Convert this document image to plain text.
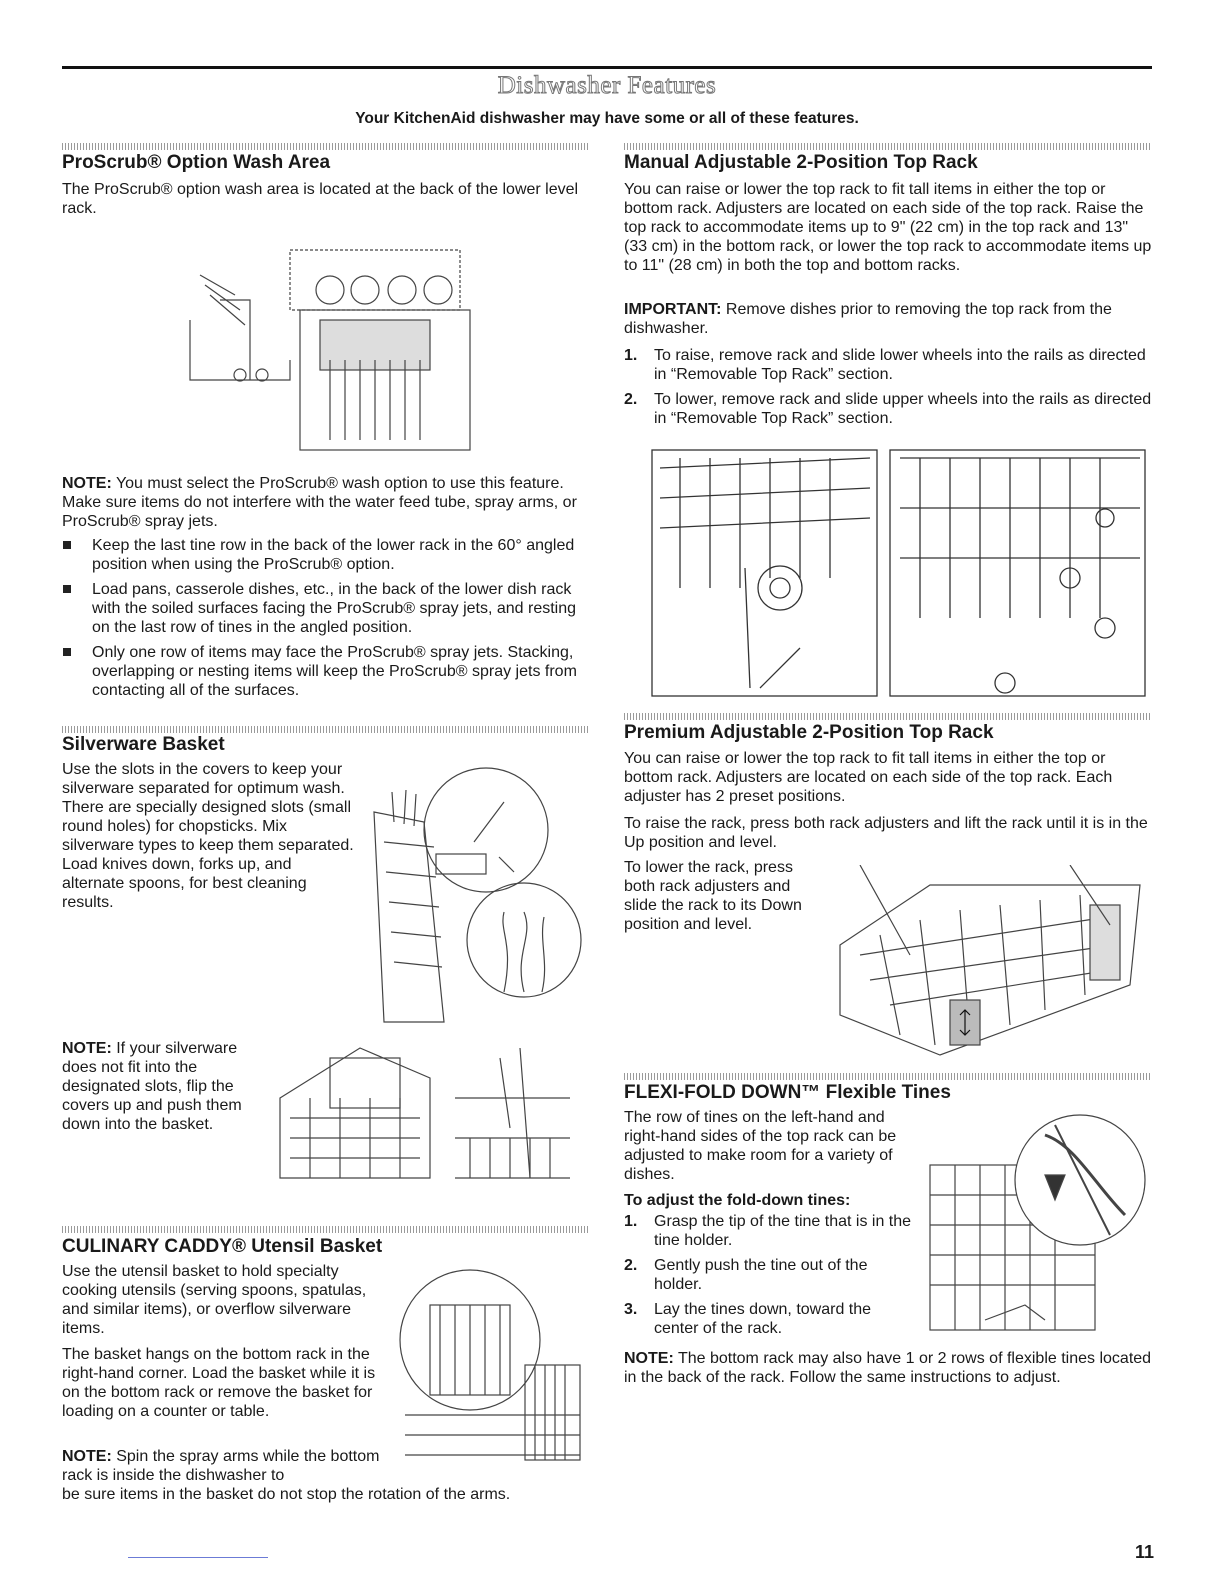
Dishwasher Features
Your KitchenAid dishwasher may have some or all of these features.
ProScrub® Option Wash Area

The ProScrub® option wash area is located at the back of the lower level rack.

NOTE: You must select the ProScrub® wash option to use this feature. Make sure items do not interfere with the water feed tube, spray arms, or ProScrub® spray jets.

Keep the last tine row in the back of the lower rack in the 60° angled position when using the ProScrub® option.
Load pans, casserole dishes, etc., in the back of the lower dish rack with the soiled surfaces facing the ProScrub® spray jets, and resting on the last row of tines in the angled position.
Only one row of items may face the ProScrub® spray jets. Stacking, overlapping or nesting items will keep the ProScrub® spray jets from contacting all of the surfaces.
Silverware Basket

Use the slots in the covers to keep your silverware separated for optimum wash. There are specially designed slots (small round holes) for chopsticks. Mix silverware types to keep them separated. Load knives down, forks up, and alternate spoons, for best cleaning results.

NOTE: If your silverware does not fit into the designated slots, flip the covers up and push them down into the basket.

CULINARY CADDY® Utensil Basket

Use the utensil basket to hold specialty cooking utensils (serving spoons, spatulas, and similar items), or overflow silverware items.

The basket hangs on the bottom rack in the right-hand corner. Load the basket while it is on the bottom rack or remove the basket for loading on a counter or table.

NOTE: Spin the spray arms while the bottom rack is inside the dishwasher to

be sure items in the basket do not stop the rotation of the arms.

Manual Adjustable 2-Position Top Rack

You can raise or lower the top rack to fit tall items in either the top or bottom rack. Adjusters are located on each side of the top rack. Raise the top rack to accommodate items up to 9" (22 cm) in the top rack and 13" (33 cm) in the bottom rack, or lower the top rack to accommodate items up to 11" (28 cm) in both the top and bottom racks.

IMPORTANT: Remove dishes prior to removing the top rack from the dishwasher.

1. To raise, remove rack and slide lower wheels into the rails as directed in “Removable Top Rack” section.
2. To lower, remove rack and slide upper wheels into the rails as directed in “Removable Top Rack” section.
Premium Adjustable 2-Position Top Rack

You can raise or lower the top rack to fit tall items in either the top or bottom rack. Adjusters are located on each side of the top rack. Each adjuster has 2 preset positions.

To raise the rack, press both rack adjusters and lift the rack until it is in the Up position and level.

To lower the rack, press both rack adjusters and slide the rack to its Down position and level.

FLEXI-FOLD DOWN™ Flexible Tines

The row of tines on the left-hand and right-hand sides of the top rack can be adjusted to make room for a variety of dishes.

To adjust the fold-down tines:

1. Grasp the tip of the tine that is in the tine holder.
2. Gently push the tine out of the holder.
3. Lay the tines down, toward the center of the rack.

NOTE: The bottom rack may also have 1 or 2 rows of flexible tines located in the back of the rack. Follow the same instructions to adjust.

11
